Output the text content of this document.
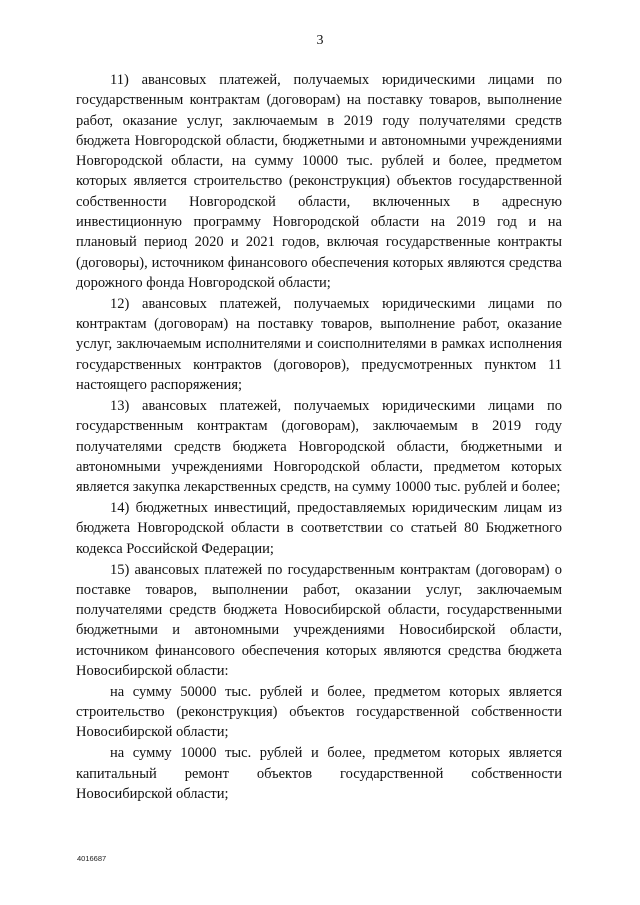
3

11) авансовых платежей, получаемых юридическими лицами по государственным контрактам (договорам) на поставку товаров, выполнение работ, оказание услуг, заключаемым в 2019 году получателями средств бюджета Новгородской области, бюджетными и автономными учреждениями Новгородской области, на сумму 10000 тыс. рублей и более, предметом которых является строительство (реконструкция) объектов государственной собственности Новгородской области, включенных в адресную инвестиционную программу Новгородской области на 2019 год и на плановый период 2020 и 2021 годов, включая государственные контракты (договоры), источником финансового обеспечения которых являются средства дорожного фонда Новгородской области;

12) авансовых платежей, получаемых юридическими лицами по контрактам (договорам) на поставку товаров, выполнение работ, оказание услуг, заключаемым исполнителями и соисполнителями в рамках исполнения государственных контрактов (договоров), предусмотренных пунктом 11 настоящего распоряжения;

13) авансовых платежей, получаемых юридическими лицами по государственным контрактам (договорам), заключаемым в 2019 году получателями средств бюджета Новгородской области, бюджетными и автономными учреждениями Новгородской области, предметом которых является закупка лекарственных средств, на сумму 10000 тыс. рублей и более;

14) бюджетных инвестиций, предоставляемых юридическим лицам из бюджета Новгородской области в соответствии со статьей 80 Бюджетного кодекса Российской Федерации;

15) авансовых платежей по государственным контрактам (договорам) о поставке товаров, выполнении работ, оказании услуг, заключаемым получателями средств бюджета Новосибирской области, государственными бюджетными и автономными учреждениями Новосибирской области, источником финансового обеспечения которых являются средства бюджета Новосибирской области:

на сумму 50000 тыс. рублей и более, предметом которых является строительство (реконструкция) объектов государственной собственности Новосибирской области;

на сумму 10000 тыс. рублей и более, предметом которых является капитальный ремонт объектов государственной собственности Новосибирской области;

4016687
